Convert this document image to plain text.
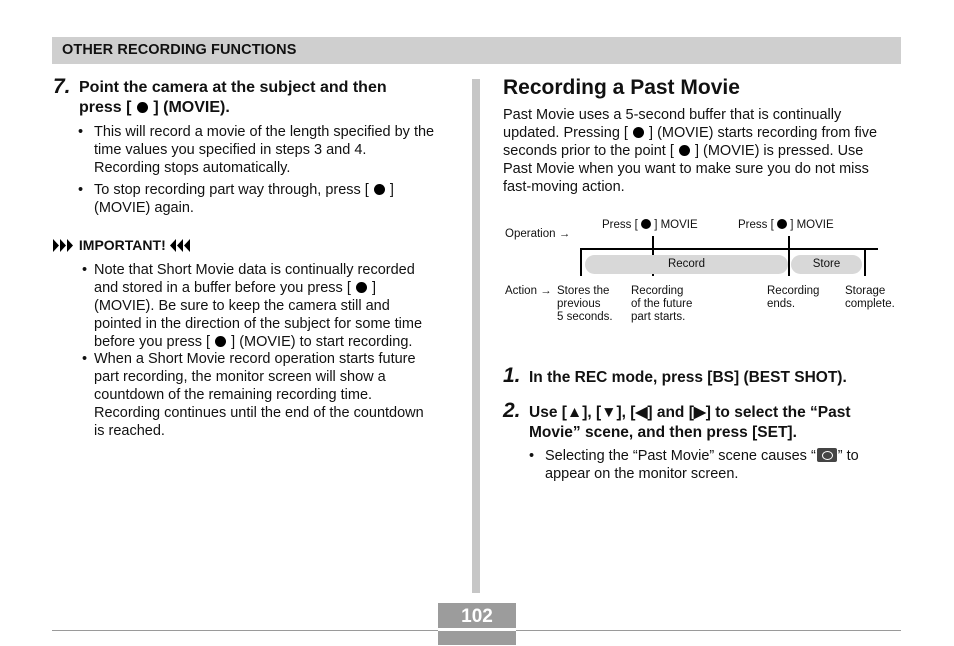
OTHER RECORDING FUNCTIONS
7. Point the camera at the subject and then
press [ ] (MOVIE).
• This will record a movie of the length specified by the
time values you specified in steps 3 and 4.
Recording stops automatically.
• To stop recording part way through, press [ ]
(MOVIE) again.
IMPORTANT!
• Note that Short Movie data is continually recorded
and stored in a buffer before you press [ ]
(MOVIE). Be sure to keep the camera still and
pointed in the direction of the subject for some time
before you press [ ] (MOVIE) to start recording.
• When a Short Movie record operation starts future
part recording, the monitor screen will show a
countdown of the remaining recording time.
Recording continues until the end of the countdown
is reached.
Recording a Past Movie
Past Movie uses a 5-second buffer that is continually
updated. Pressing [ ] (MOVIE) starts recording from five
seconds prior to the point [ ] (MOVIE) is pressed. Use
Past Movie when you want to make sure you do not miss
fast-moving action.
Operation →
Press [ ] MOVIE	Press [ ] MOVIE
Record	Store
Action → Stores the
previous
5 seconds.
Recording
of the future
part starts.
Recording
ends.
Storage
complete.
1. In the REC mode, press [BS] (BEST SHOT).
2. Use [▲], [▼], [◀] and [▶] to select the “Past
Movie” scene, and then press [SET].
• Selecting the “Past Movie” scene causes “ ” to
appear on the monitor screen.
102
